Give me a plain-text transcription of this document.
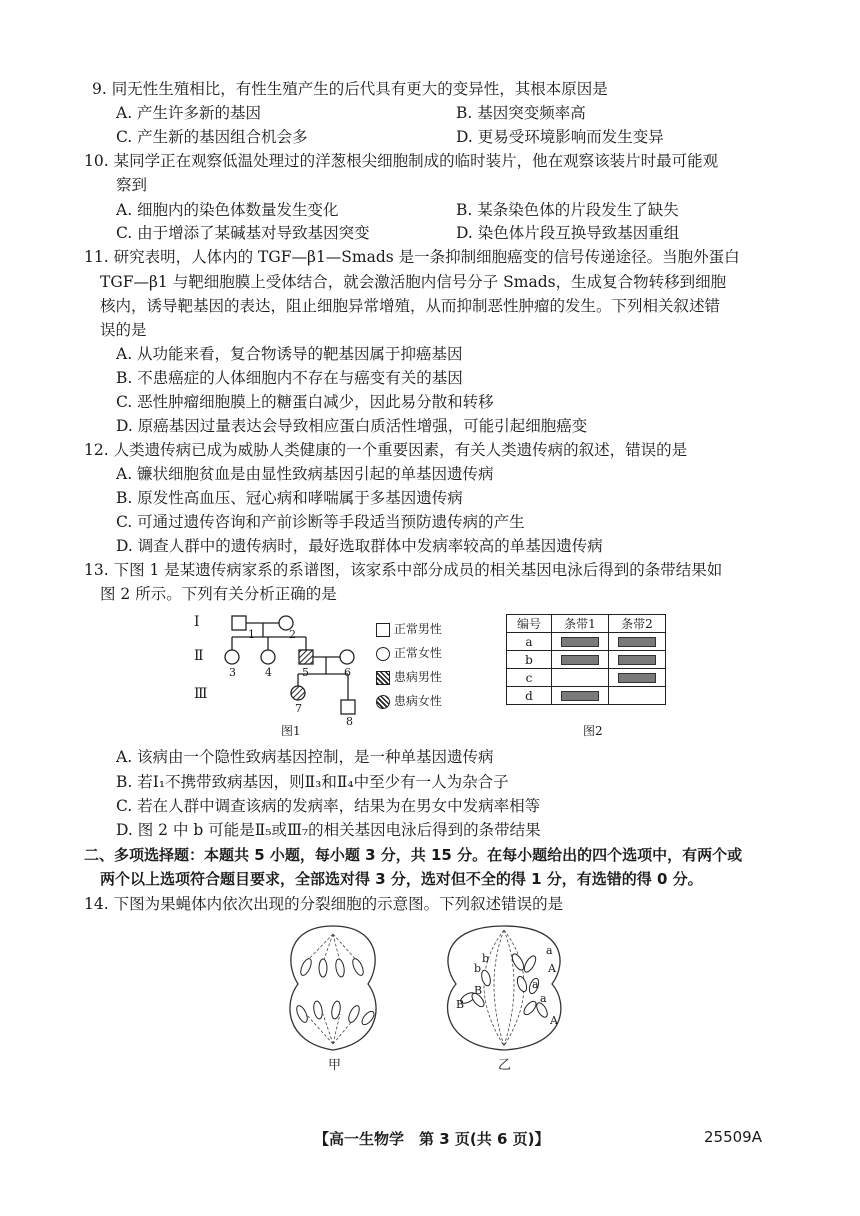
9. 同无性生殖相比，有性生殖产生的后代具有更大的变异性，其根本原因是
A. 产生许多新的基因	B. 基因突变频率高
C. 产生新的基因组合机会多	D. 更易受环境影响而发生变异
10. 某同学正在观察低温处理过的洋葱根尖细胞制成的临时装片，他在观察该装片时最可能观
察到
A. 细胞内的染色体数量发生变化	B. 某条染色体的片段发生了缺失
C. 由于增添了某碱基对导致基因突变	D. 染色体片段互换导致基因重组
11. 研究表明，人体内的 TGF—β1—Smads 是一条抑制细胞癌变的信号传递途径。当胞外蛋白
TGF—β1 与靶细胞膜上受体结合，就会激活胞内信号分子 Smads，生成复合物转移到细胞
核内，诱导靶基因的表达，阻止细胞异常增殖，从而抑制恶性肿瘤的发生。下列相关叙述错
误的是
A. 从功能来看，复合物诱导的靶基因属于抑癌基因
B. 不患癌症的人体细胞内不存在与癌变有关的基因
C. 恶性肿瘤细胞膜上的糖蛋白减少，因此易分散和转移
D. 原癌基因过量表达会导致相应蛋白质活性增强，可能引起细胞癌变
12. 人类遗传病已成为威胁人类健康的一个重要因素，有关人类遗传病的叙述，错误的是
A. 镰状细胞贫血是由显性致病基因引起的单基因遗传病
B. 原发性高血压、冠心病和哮喘属于多基因遗传病
C. 可通过遗传咨询和产前诊断等手段适当预防遗传病的产生
D. 调查人群中的遗传病时，最好选取群体中发病率较高的单基因遗传病
13. 下图 1 是某遗传病家系的系谱图，该家系中部分成员的相关基因电泳后得到的条带结果如
图 2 所示。下列有关分析正确的是
Ⅰ
Ⅱ
Ⅲ
1	2
3	4	5	6
7
8
图1
正常男性
正常女性
患病男性
患病女性
编号	条带1	条带2
a		
b		
c		
d		
图2
A. 该病由一个隐性致病基因控制，是一种单基因遗传病
B. 若Ⅰ₁不携带致病基因，则Ⅱ₃和Ⅱ₄中至少有一人为杂合子
C. 若在人群中调查该病的发病率，结果为在男女中发病率相等
D. 图 2 中 b 可能是Ⅱ₅或Ⅲ₇的相关基因电泳后得到的条带结果
二、多项选择题：本题共 5 小题，每小题 3 分，共 15 分。在每小题给出的四个选项中，有两个或
两个以上选项符合题目要求，全部选对得 3 分，选对但不全的得 1 分，有选错的得 0 分。
14. 下图为果蝇体内依次出现的分裂细胞的示意图。下列叙述错误的是
甲
a
A
a
a
b
b
B
B
A
乙
【高一生物学　第 3 页(共 6 页)】	25509A
